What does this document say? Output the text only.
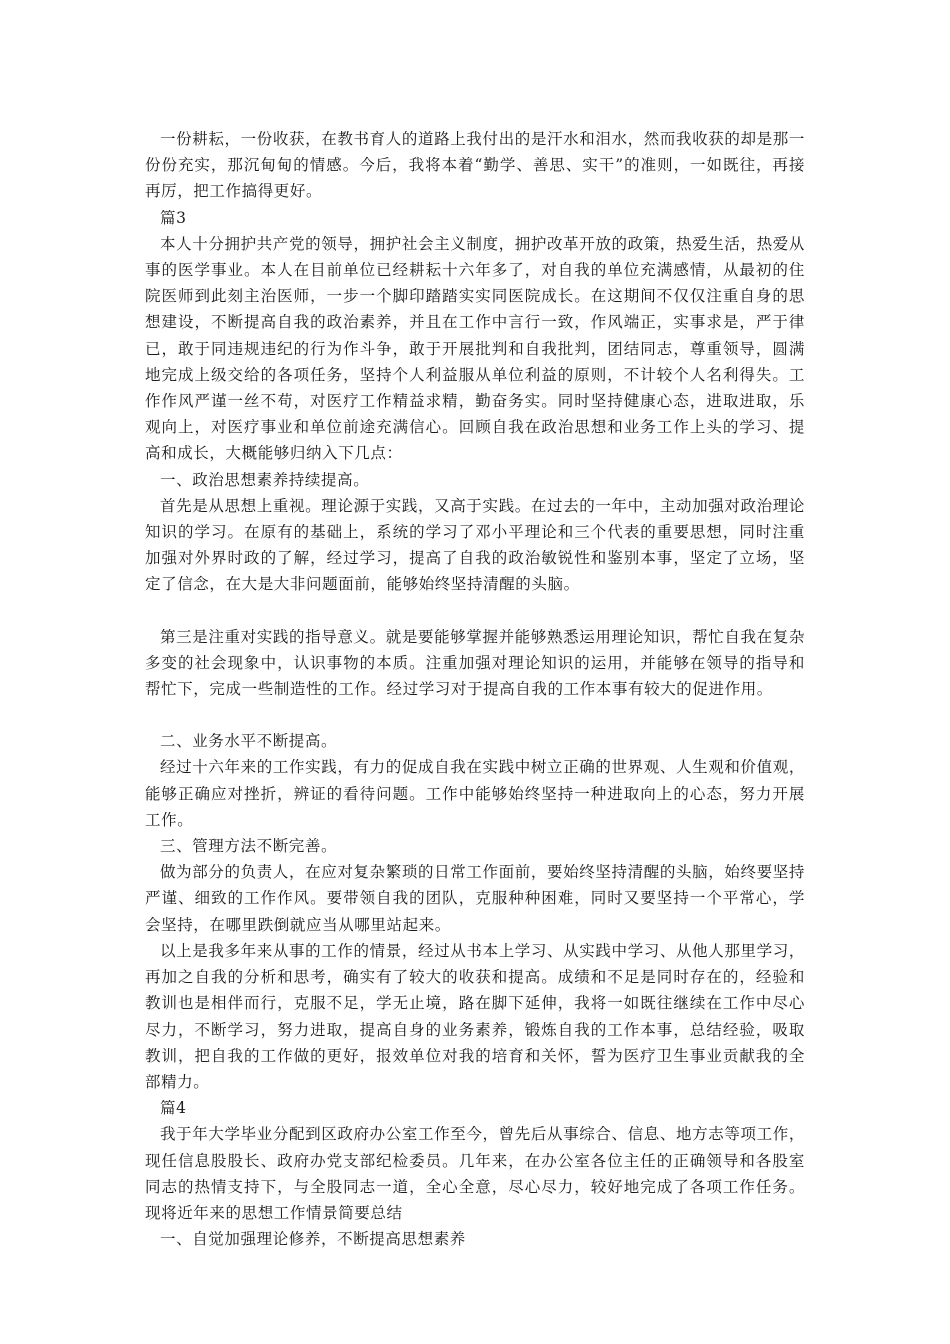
一份耕耘，一份收获，在教书育人的道路上我付出的是汗水和泪水，然而我收获的却是那一份份充实，那沉甸甸的情感。今后，我将本着“勤学、善思、实干”的准则，一如既往，再接再厉，把工作搞得更好。

篇3

本人十分拥护共产党的领导，拥护社会主义制度，拥护改革开放的政策，热爱生活，热爱从事的医学事业。本人在目前单位已经耕耘十六年多了，对自我的单位充满感情，从最初的住院医师到此刻主治医师，一步一个脚印踏踏实实同医院成长。在这期间不仅仅注重自身的思想建设，不断提高自我的政治素养，并且在工作中言行一致，作风端正，实事求是，严于律已，敢于同违规违纪的行为作斗争，敢于开展批判和自我批判，团结同志，尊重领导，圆满地完成上级交给的各项任务，坚持个人利益服从单位利益的原则，不计较个人名利得失。工作作风严谨一丝不苟，对医疗工作精益求精，勤奋务实。同时坚持健康心态，进取进取，乐观向上，对医疗事业和单位前途充满信心。回顾自我在政治思想和业务工作上头的学习、提高和成长，大概能够归纳入下几点：

一、政治思想素养持续提高。

首先是从思想上重视。理论源于实践，又高于实践。在过去的一年中，主动加强对政治理论知识的学习。在原有的基础上，系统的学习了邓小平理论和三个代表的重要思想，同时注重加强对外界时政的了解，经过学习，提高了自我的政治敏锐性和鉴别本事，坚定了立场，坚定了信念，在大是大非问题面前，能够始终坚持清醒的头脑。

第三是注重对实践的指导意义。就是要能够掌握并能够熟悉运用理论知识，帮忙自我在复杂多变的社会现象中，认识事物的本质。注重加强对理论知识的运用，并能够在领导的指导和帮忙下，完成一些制造性的工作。经过学习对于提高自我的工作本事有较大的促进作用。

二、业务水平不断提高。

经过十六年来的工作实践，有力的促成自我在实践中树立正确的世界观、人生观和价值观，能够正确应对挫折，辨证的看待问题。工作中能够始终坚持一种进取向上的心态，努力开展工作。

三、管理方法不断完善。

做为部分的负责人，在应对复杂繁琐的日常工作面前，要始终坚持清醒的头脑，始终要坚持严谨、细致的工作作风。要带领自我的团队，克服种种困难，同时又要坚持一个平常心，学会坚持，在哪里跌倒就应当从哪里站起来。

以上是我多年来从事的工作的情景，经过从书本上学习、从实践中学习、从他人那里学习，再加之自我的分析和思考，确实有了较大的收获和提高。成绩和不足是同时存在的，经验和教训也是相伴而行，克服不足，学无止境，路在脚下延伸，我将一如既往继续在工作中尽心尽力，不断学习，努力进取，提高自身的业务素养，锻炼自我的工作本事，总结经验，吸取教训，把自我的工作做的更好，报效单位对我的培育和关怀，誓为医疗卫生事业贡献我的全部精力。

篇4

我于年大学毕业分配到区政府办公室工作至今，曾先后从事综合、信息、地方志等项工作，现任信息股股长、政府办党支部纪检委员。几年来，在办公室各位主任的正确领导和各股室同志的热情支持下，与全股同志一道，全心全意，尽心尽力，较好地完成了各项工作任务。现将近年来的思想工作情景简要总结

一、自觉加强理论修养，不断提高思想素养
